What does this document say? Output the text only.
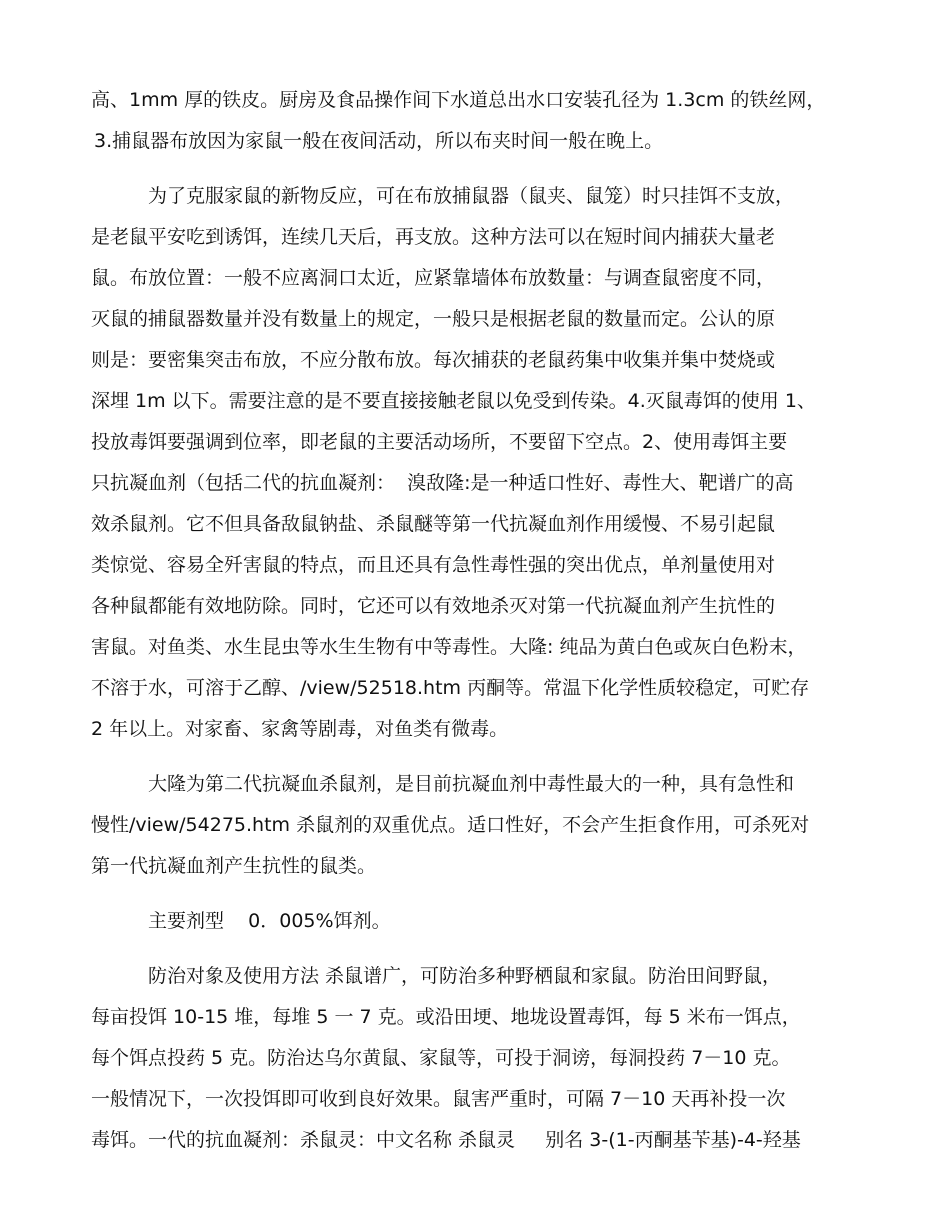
高、1mm 厚的铁皮。厨房及食品操作间下水道总出水口安装孔径为 1.3cm 的铁丝网，
3.捕鼠器布放因为家鼠一般在夜间活动，所以布夹时间一般在晚上。
为了克服家鼠的新物反应，可在布放捕鼠器（鼠夹、鼠笼）时只挂饵不支放，
是老鼠平安吃到诱饵，连续几天后，再支放。这种方法可以在短时间内捕获大量老
鼠。布放位置：一般不应离洞口太近，应紧靠墙体布放数量：与调查鼠密度不同，
灭鼠的捕鼠器数量并没有数量上的规定，一般只是根据老鼠的数量而定。公认的原
则是：要密集突击布放，不应分散布放。每次捕获的老鼠药集中收集并集中焚烧或
深埋 1m 以下。需要注意的是不要直接接触老鼠以免受到传染。4.灭鼠毒饵的使用 1、
投放毒饵要强调到位率，即老鼠的主要活动场所，不要留下空点。2、使用毒饵主要
只抗凝血剂（包括二代的抗血凝剂：  溴敌隆:是一种适口性好、毒性大、靶谱广的高
效杀鼠剂。它不但具备敌鼠钠盐、杀鼠醚等第一代抗凝血剂作用缓慢、不易引起鼠
类惊觉、容易全歼害鼠的特点，而且还具有急性毒性强的突出优点，单剂量使用对
各种鼠都能有效地防除。同时，它还可以有效地杀灭对第一代抗凝血剂产生抗性的
害鼠。对鱼类、水生昆虫等水生生物有中等毒性。大隆: 纯品为黄白色或灰白色粉末，
不溶于水，可溶于乙醇、/view/52518.htm 丙酮等。常温下化学性质较稳定，可贮存
2 年以上。对家畜、家禽等剧毒，对鱼类有微毒。
大隆为第二代抗凝血杀鼠剂，是目前抗凝血剂中毒性最大的一种，具有急性和
慢性/view/54275.htm 杀鼠剂的双重优点。适口性好，不会产生拒食作用，可杀死对
第一代抗凝血剂产生抗性的鼠类。
主要剂型    0．005%饵剂。
防治对象及使用方法 杀鼠谱广，可防治多种野栖鼠和家鼠。防治田间野鼠，
每亩投饵 10-15 堆，每堆 5 一 7 克。或沿田埂、地垅设置毒饵，每 5 米布一饵点，
每个饵点投药 5 克。防治达乌尔黄鼠、家鼠等，可投于洞谤，每洞投药 7－10 克。
一般情况下，一次投饵即可收到良好效果。鼠害严重时，可隔 7－10 天再补投一次
毒饵。一代的抗血凝剂：杀鼠灵：中文名称 杀鼠灵     别名 3-(1-丙酮基苄基)-4-羟基
